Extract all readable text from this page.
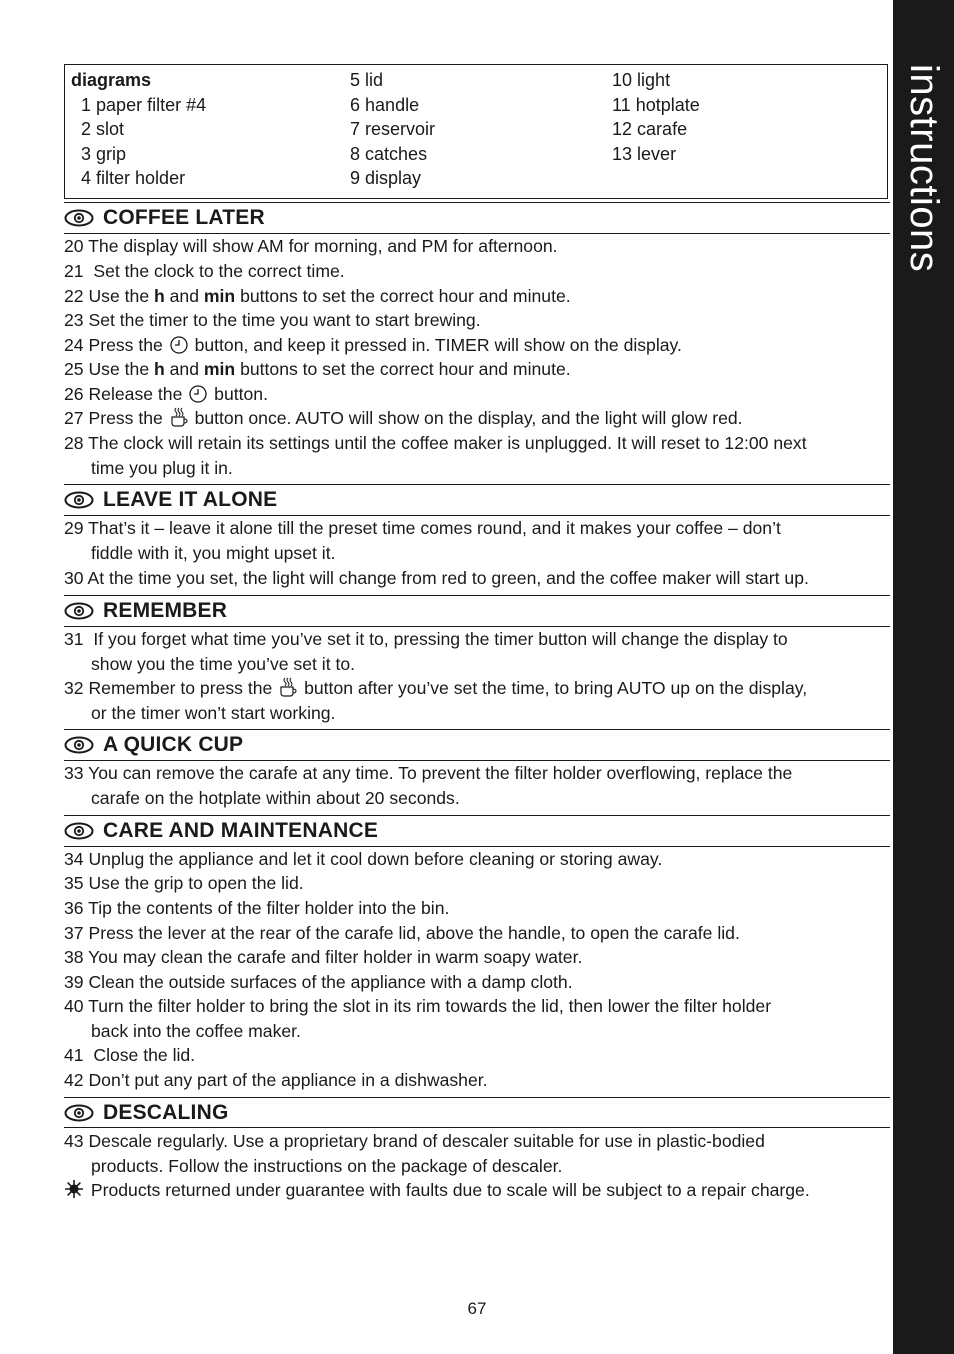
instructions
diagrams
1 paper filter #4
2 slot
3 grip
4 filter holder
5 lid
6 handle
7 reservoir
8 catches
9 display
10 light
11 hotplate
12 carafe
13 lever
COFFEE LATER
20 The display will show AM for morning, and PM for afternoon.
21 Set the clock to the correct time.
22 Use the h and min buttons to set the correct hour and minute.
23 Set the timer to the time you want to start brewing.
24 Press the button, and keep it pressed in. TIMER will show on the display.
25 Use the h and min buttons to set the correct hour and minute.
26 Release the button.
27 Press the button once. AUTO will show on the display, and the light will glow red.
28 The clock will retain its settings until the coffee maker is unplugged. It will reset to 12:00 next
time you plug it in.
LEAVE IT ALONE
29 That’s it – leave it alone till the preset time comes round, and it makes your coffee – don’t
fiddle with it, you might upset it.
30 At the time you set, the light will change from red to green, and the coffee maker will start up.
REMEMBER
31 If you forget what time you’ve set it to, pressing the timer button will change the display to
show you the time you’ve set it to.
32 Remember to press the button after you’ve set the time, to bring AUTO up on the display,
or the timer won’t start working.
A QUICK CUP
33 You can remove the carafe at any time. To prevent the filter holder overflowing, replace the
carafe on the hotplate within about 20 seconds.
CARE AND MAINTENANCE
34 Unplug the appliance and let it cool down before cleaning or storing away.
35 Use the grip to open the lid.
36 Tip the contents of the filter holder into the bin.
37 Press the lever at the rear of the carafe lid, above the handle, to open the carafe lid.
38 You may clean the carafe and filter holder in warm soapy water.
39 Clean the outside surfaces of the appliance with a damp cloth.
40 Turn the filter holder to bring the slot in its rim towards the lid, then lower the filter holder
back into the coffee maker.
41 Close the lid.
42 Don’t put any part of the appliance in a dishwasher.
DESCALING
43 Descale regularly. Use a proprietary brand of descaler suitable for use in plastic-bodied
products. Follow the instructions on the package of descaler.
Products returned under guarantee with faults due to scale will be subject to a repair charge.
67
